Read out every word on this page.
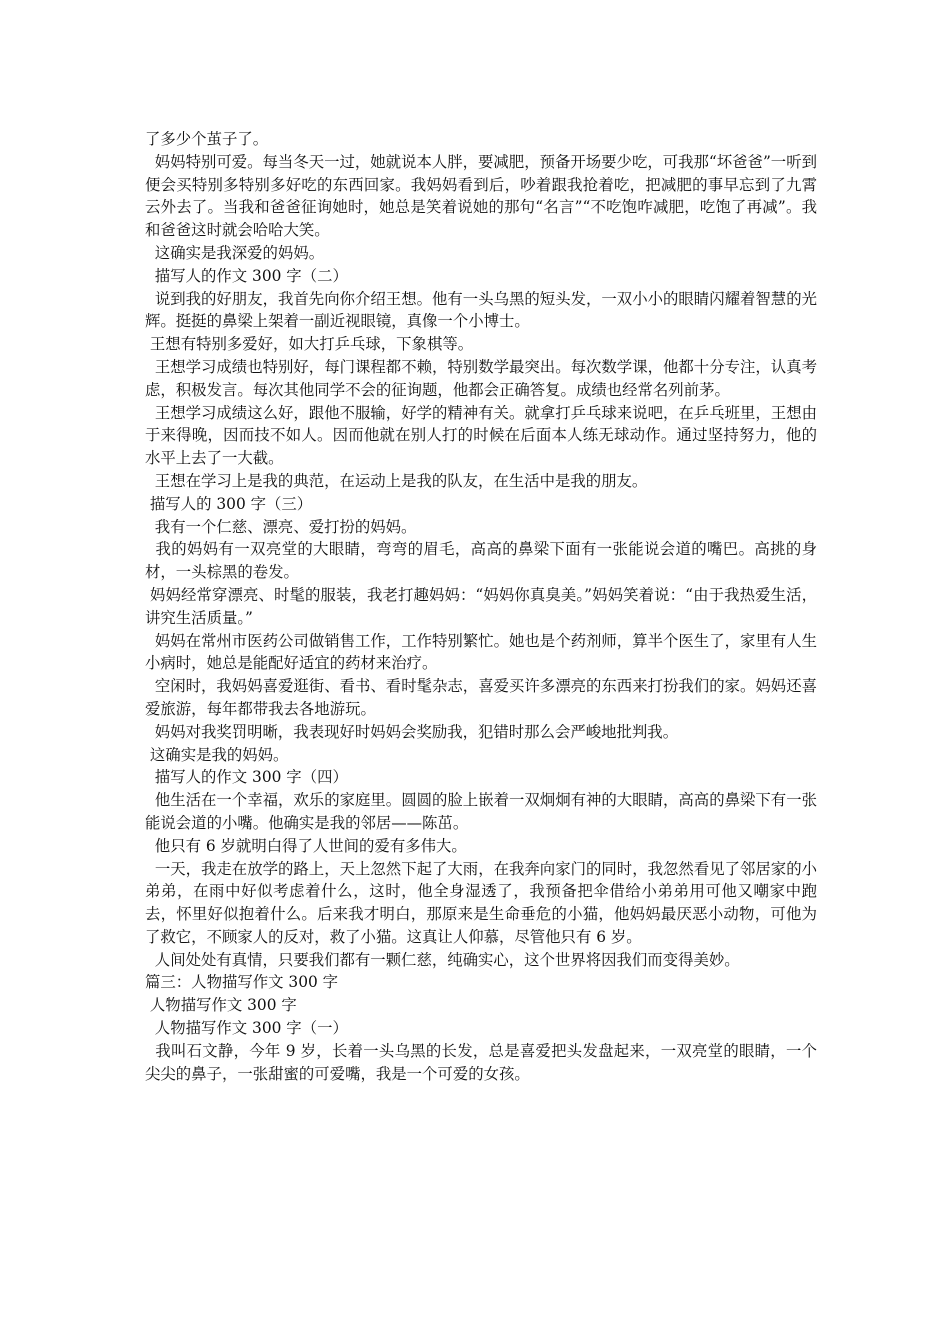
了多少个茧子了。

妈妈特别可爱。每当冬天一过，她就说本人胖，要减肥，预备开场要少吃，可我那“坏爸爸”一听到便会买特别多特别多好吃的东西回家。我妈妈看到后，吵着跟我抢着吃，把减肥的事早忘到了九霄云外去了。当我和爸爸征询她时，她总是笑着说她的那句“名言”“不吃饱咋减肥，吃饱了再减”。我和爸爸这时就会哈哈大笑。

这确实是我深爱的妈妈。

描写人的作文 300 字（二）

说到我的好朋友，我首先向你介绍王想。他有一头乌黑的短头发，一双小小的眼睛闪耀着智慧的光辉。挺挺的鼻梁上架着一副近视眼镜，真像一个小博士。

王想有特别多爱好，如大打乒乓球，下象棋等。

王想学习成绩也特别好，每门课程都不赖，特别数学最突出。每次数学课，他都十分专注，认真考虑，积极发言。每次其他同学不会的征询题，他都会正确答复。成绩也经常名列前茅。

王想学习成绩这么好，跟他不服输，好学的精神有关。就拿打乒乓球来说吧，在乒乓班里，王想由于来得晚，因而技不如人。因而他就在别人打的时候在后面本人练无球动作。通过坚持努力，他的水平上去了一大截。

王想在学习上是我的典范，在运动上是我的队友，在生活中是我的朋友。

描写人的 300 字（三）

我有一个仁慈、漂亮、爱打扮的妈妈。

我的妈妈有一双亮堂的大眼睛，弯弯的眉毛，高高的鼻梁下面有一张能说会道的嘴巴。高挑的身材，一头棕黑的卷发。

妈妈经常穿漂亮、时髦的服装，我老打趣妈妈：“妈妈你真臭美。”妈妈笑着说：“由于我热爱生活，讲究生活质量。”

妈妈在常州市医药公司做销售工作，工作特别繁忙。她也是个药剂师，算半个医生了，家里有人生小病时，她总是能配好适宜的药材来治疗。

空闲时，我妈妈喜爱逛街、看书、看时髦杂志，喜爱买许多漂亮的东西来打扮我们的家。妈妈还喜爱旅游，每年都带我去各地游玩。

妈妈对我奖罚明晰，我表现好时妈妈会奖励我，犯错时那么会严峻地批判我。

这确实是我的妈妈。

描写人的作文 300 字（四）

他生活在一个幸福，欢乐的家庭里。圆圆的脸上嵌着一双炯炯有神的大眼睛，高高的鼻梁下有一张能说会道的小嘴。他确实是我的邻居——陈茁。

他只有 6 岁就明白得了人世间的爱有多伟大。

一天，我走在放学的路上，天上忽然下起了大雨，在我奔向家门的同时，我忽然看见了邻居家的小弟弟，在雨中好似考虑着什么，这时，他全身湿透了，我预备把伞借给小弟弟用可他又嘲家中跑去，怀里好似抱着什么。后来我才明白，那原来是生命垂危的小猫，他妈妈最厌恶小动物，可他为了救它，不顾家人的反对，救了小猫。这真让人仰慕，尽管他只有 6 岁。

人间处处有真情，只要我们都有一颗仁慈，纯确实心，这个世界将因我们而变得美妙。

篇三：人物描写作文 300 字

人物描写作文 300 字

人物描写作文 300 字（一）

我叫石文静，今年 9 岁，长着一头乌黑的长发，总是喜爱把头发盘起来，一双亮堂的眼睛，一个尖尖的鼻子，一张甜蜜的可爱嘴，我是一个可爱的女孩。
